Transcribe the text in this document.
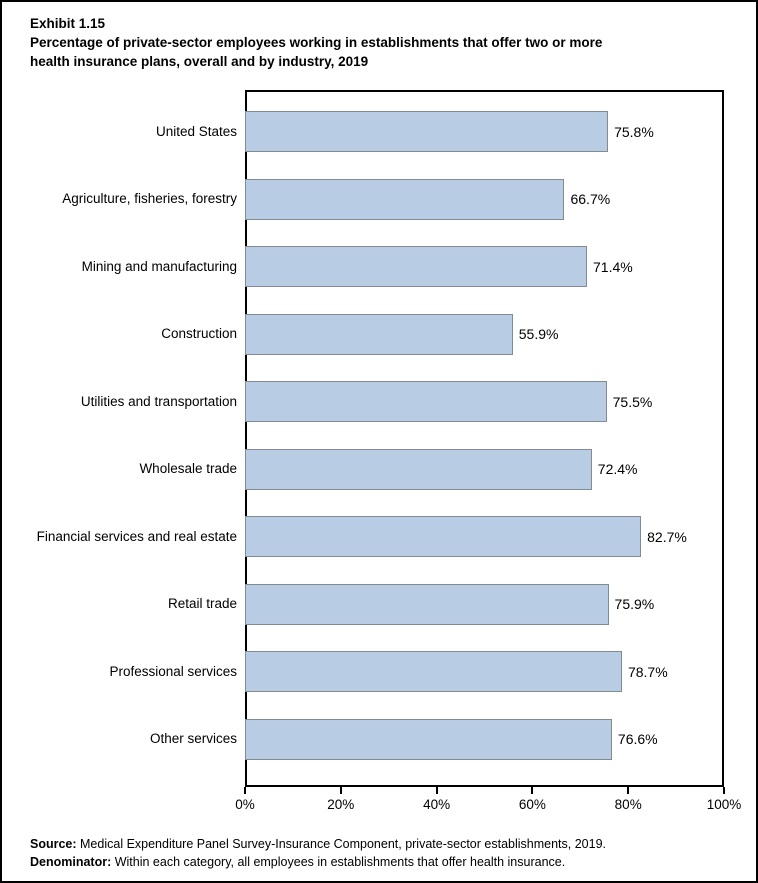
Exhibit 1.15
Percentage of private-sector employees working in establishments that offer two or more
health insurance plans, overall and by industry, 2019
United States	75.8%
Agriculture, fisheries, forestry	66.7%
Mining and manufacturing	71.4%
Construction	55.9%
Utilities and transportation	75.5%
Wholesale trade	72.4%
Financial services and real estate	82.7%
Retail trade	75.9%
Professional services	78.7%
Other services	76.6%
0%	20%	40%	60%	80%	100%
Source: Medical Expenditure Panel Survey-Insurance Component, private-sector establishments, 2019.
Denominator: Within each category, all employees in establishments that offer health insurance.
